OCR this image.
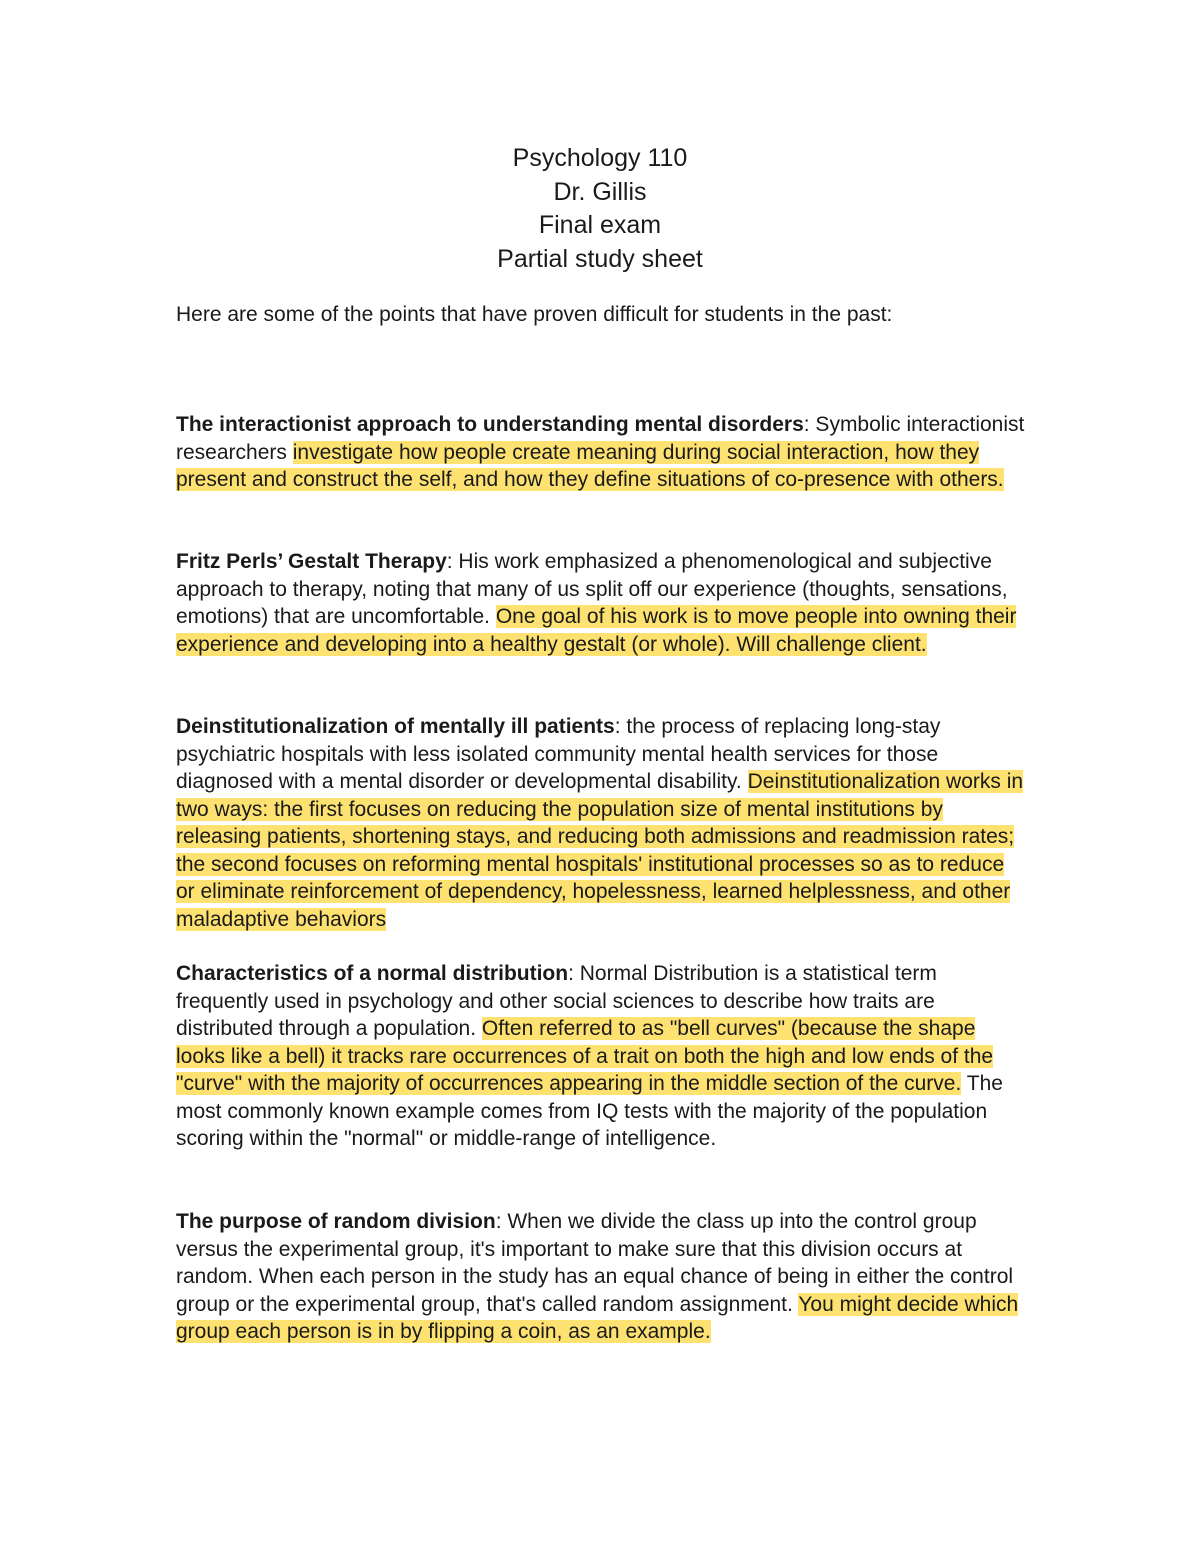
Psychology 110
Dr. Gillis
Final exam
Partial study sheet
Here are some of the points that have proven difficult for students in the past:

The interactionist approach to understanding mental disorders: Symbolic interactionist researchers investigate how people create meaning during social interaction, how they present and construct the self, and how they define situations of co-presence with others.

Fritz Perls’ Gestalt Therapy: His work emphasized a phenomenological and subjective approach to therapy, noting that many of us split off our experience (thoughts, sensations, emotions) that are uncomfortable. One goal of his work is to move people into owning their experience and developing into a healthy gestalt (or whole). Will challenge client.

Deinstitutionalization of mentally ill patients: the process of replacing long-stay psychiatric hospitals with less isolated community mental health services for those diagnosed with a mental disorder or developmental disability. Deinstitutionalization works in two ways: the first focuses on reducing the population size of mental institutions by releasing patients, shortening stays, and reducing both admissions and readmission rates; the second focuses on reforming mental hospitals' institutional processes so as to reduce or eliminate reinforcement of dependency, hopelessness, learned helplessness, and other maladaptive behaviors

Characteristics of a normal distribution: Normal Distribution is a statistical term frequently used in psychology and other social sciences to describe how traits are distributed through a population. Often referred to as "bell curves" (because the shape looks like a bell) it tracks rare occurrences of a trait on both the high and low ends of the "curve" with the majority of occurrences appearing in the middle section of the curve. The most commonly known example comes from IQ tests with the majority of the population scoring within the "normal" or middle-range of intelligence.

The purpose of random division: When we divide the class up into the control group versus the experimental group, it's important to make sure that this division occurs at random. When each person in the study has an equal chance of being in either the control group or the experimental group, that's called random assignment. You might decide which group each person is in by flipping a coin, as an example.
